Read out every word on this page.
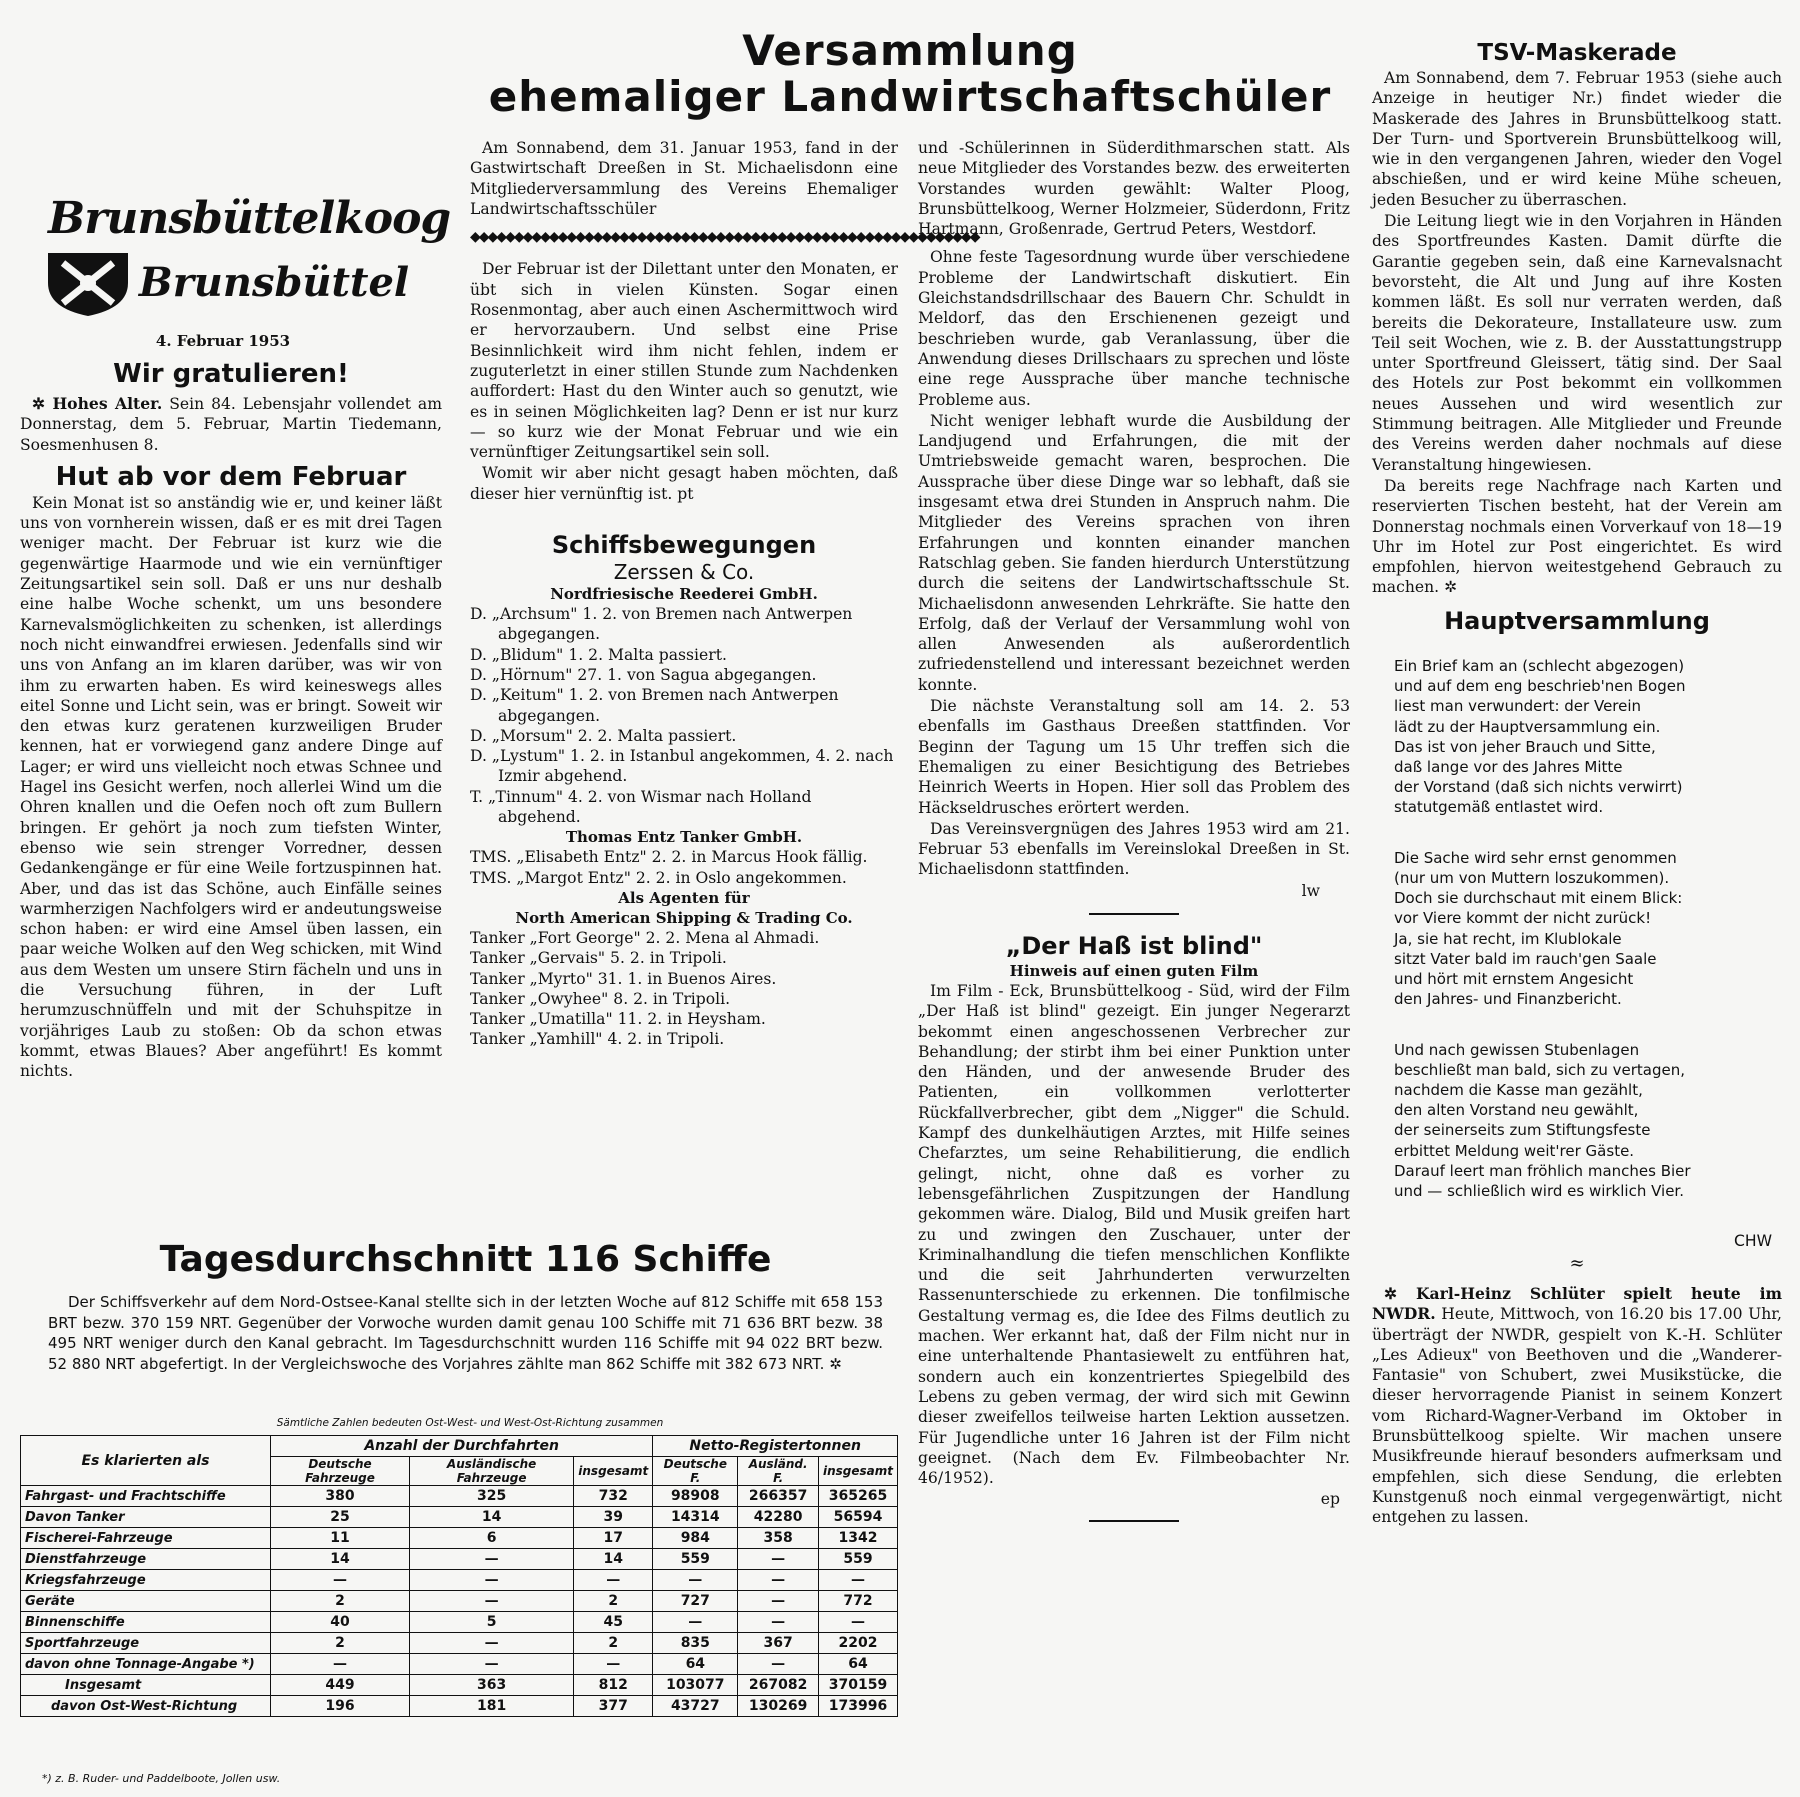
Versammlung
ehemaliger Landwirtschaftschüler
Brunsbüttelkoog
Brunsbüttel
4. Februar 1953
Wir gratulieren!

✲ Hohes Alter. Sein 84. Lebensjahr vollendet am Donnerstag, dem 5. Februar, Martin Tiedemann, Soesmenhusen 8.

Hut ab vor dem Februar

Kein Monat ist so anständig wie er, und keiner läßt uns von vornherein wissen, daß er es mit drei Tagen weniger macht. Der Februar ist kurz wie die gegenwärtige Haarmode und wie ein vernünftiger Zeitungsartikel sein soll. Daß er uns nur deshalb eine halbe Woche schenkt, um uns besondere Karnevalsmöglichkeiten zu schenken, ist allerdings noch nicht einwandfrei erwiesen. Jedenfalls sind wir uns von Anfang an im klaren darüber, was wir von ihm zu erwarten haben. Es wird keineswegs alles eitel Sonne und Licht sein, was er bringt. Soweit wir den etwas kurz geratenen kurzweiligen Bruder kennen, hat er vorwiegend ganz andere Dinge auf Lager; er wird uns vielleicht noch etwas Schnee und Hagel ins Gesicht werfen, noch allerlei Wind um die Ohren knallen und die Oefen noch oft zum Bullern bringen. Er gehört ja noch zum tiefsten Winter, ebenso wie sein strenger Vorredner, dessen Gedankengänge er für eine Weile fortzuspinnen hat. Aber, und das ist das Schöne, auch Einfälle seines warmherzigen Nachfolgers wird er andeutungsweise schon haben: er wird eine Amsel üben lassen, ein paar weiche Wolken auf den Weg schicken, mit Wind aus dem Westen um unsere Stirn fächeln und uns in die Versuchung führen, in der Luft herumzuschnüffeln und mit der Schuhspitze in vorjähriges Laub zu stoßen: Ob da schon etwas kommt, etwas Blaues? Aber angeführt! Es kommt nichts.

Am Sonnabend, dem 31. Januar 1953, fand in der Gastwirtschaft Dreeßen in St. Michaelisdonn eine Mitgliederversammlung des Vereins Ehemaliger Landwirtschaftsschüler

◆◆◆◆◆◆◆◆◆◆◆◆◆◆◆◆◆◆◆◆◆◆◆◆◆◆◆◆◆◆◆◆◆◆◆◆◆◆◆◆◆◆◆◆◆◆◆◆◆◆◆◆◆◆◆◆◆◆

Der Februar ist der Dilettant unter den Monaten, er übt sich in vielen Künsten. Sogar einen Rosenmontag, aber auch einen Aschermittwoch wird er hervorzaubern. Und selbst eine Prise Besinnlichkeit wird ihm nicht fehlen, indem er zuguterletzt in einer stillen Stunde zum Nachdenken auffordert: Hast du den Winter auch so genutzt, wie es in seinen Möglichkeiten lag? Denn er ist nur kurz — so kurz wie der Monat Februar und wie ein vernünftiger Zeitungsartikel sein soll.

Womit wir aber nicht gesagt haben möchten, daß dieser hier vernünftig ist. pt

Schiffsbewegungen
Zerssen & Co.
Nordfriesische Reederei GmbH.
D. „Archsum" 1. 2. von Bremen nach Antwerpen abgegangen.
D. „Blidum" 1. 2. Malta passiert.
D. „Hörnum" 27. 1. von Sagua abgegangen.
D. „Keitum" 1. 2. von Bremen nach Antwerpen abgegangen.
D. „Morsum" 2. 2. Malta passiert.
D. „Lystum" 1. 2. in Istanbul angekommen, 4. 2. nach Izmir abgehend.
T. „Tinnum" 4. 2. von Wismar nach Holland abgehend.
Thomas Entz Tanker GmbH.
TMS. „Elisabeth Entz" 2. 2. in Marcus Hook fällig.
TMS. „Margot Entz" 2. 2. in Oslo angekommen.
Als Agenten für
North American Shipping & Trading Co.
Tanker „Fort George" 2. 2. Mena al Ahmadi.
Tanker „Gervais" 5. 2. in Tripoli.
Tanker „Myrto" 31. 1. in Buenos Aires.
Tanker „Owyhee" 8. 2. in Tripoli.
Tanker „Umatilla" 11. 2. in Heysham.
Tanker „Yamhill" 4. 2. in Tripoli.

und -Schülerinnen in Süderdithmarschen statt. Als neue Mitglieder des Vorstandes bezw. des erweiterten Vorstandes wurden gewählt: Walter Ploog, Brunsbüttelkoog, Werner Holzmeier, Süderdonn, Fritz Hartmann, Großenrade, Gertrud Peters, Westdorf.

Ohne feste Tagesordnung wurde über verschiedene Probleme der Landwirtschaft diskutiert. Ein Gleichstandsdrillschaar des Bauern Chr. Schuldt in Meldorf, das den Erschienenen gezeigt und beschrieben wurde, gab Veranlassung, über die Anwendung dieses Drillschaars zu sprechen und löste eine rege Aussprache über manche technische Probleme aus.

Nicht weniger lebhaft wurde die Ausbildung der Landjugend und Erfahrungen, die mit der Umtriebsweide gemacht waren, besprochen. Die Aussprache über diese Dinge war so lebhaft, daß sie insgesamt etwa drei Stunden in Anspruch nahm. Die Mitglieder des Vereins sprachen von ihren Erfahrungen und konnten einander manchen Ratschlag geben. Sie fanden hierdurch Unterstützung durch die seitens der Landwirtschaftsschule St. Michaelisdonn anwesenden Lehrkräfte. Sie hatte den Erfolg, daß der Verlauf der Versammlung wohl von allen Anwesenden als außerordentlich zufriedenstellend und interessant bezeichnet werden konnte.

Die nächste Veranstaltung soll am 14. 2. 53 ebenfalls im Gasthaus Dreeßen stattfinden. Vor Beginn der Tagung um 15 Uhr treffen sich die Ehemaligen zu einer Besichtigung des Betriebes Heinrich Weerts in Hopen. Hier soll das Problem des Häckseldrusches erörtert werden.

Das Vereinsvergnügen des Jahres 1953 wird am 21. Februar 53 ebenfalls im Vereinslokal Dreeßen in St. Michaelisdonn stattfinden.

lw
„Der Haß ist blind"
Hinweis auf einen guten Film

Im Film - Eck, Brunsbüttelkoog - Süd, wird der Film „Der Haß ist blind" gezeigt. Ein junger Negerarzt bekommt einen angeschossenen Verbrecher zur Behandlung; der stirbt ihm bei einer Punktion unter den Händen, und der anwesende Bruder des Patienten, ein vollkommen verlotterter Rückfallverbrecher, gibt dem „Nigger" die Schuld. Kampf des dunkelhäutigen Arztes, mit Hilfe seines Chefarztes, um seine Rehabilitierung, die endlich gelingt, nicht, ohne daß es vorher zu lebensgefährlichen Zuspitzungen der Handlung gekommen wäre. Dialog, Bild und Musik greifen hart zu und zwingen den Zuschauer, unter der Kriminalhandlung die tiefen menschlichen Konflikte und die seit Jahrhunderten verwurzelten Rassenunterschiede zu erkennen. Die tonfilmische Gestaltung vermag es, die Idee des Films deutlich zu machen. Wer erkannt hat, daß der Film nicht nur in eine unterhaltende Phantasiewelt zu entführen hat, sondern auch ein konzentriertes Spiegelbild des Lebens zu geben vermag, der wird sich mit Gewinn dieser zweifellos teilweise harten Lektion aussetzen. Für Jugendliche unter 16 Jahren ist der Film nicht geeignet. (Nach dem Ev. Filmbeobachter Nr. 46/1952).

ep
TSV-Maskerade

Am Sonnabend, dem 7. Februar 1953 (siehe auch Anzeige in heutiger Nr.) findet wieder die Maskerade des Jahres in Brunsbüttelkoog statt. Der Turn- und Sportverein Brunsbüttelkoog will, wie in den vergangenen Jahren, wieder den Vogel abschießen, und er wird keine Mühe scheuen, jeden Besucher zu überraschen.

Die Leitung liegt wie in den Vorjahren in Händen des Sportfreundes Kasten. Damit dürfte die Garantie gegeben sein, daß eine Karnevalsnacht bevorsteht, die Alt und Jung auf ihre Kosten kommen läßt. Es soll nur verraten werden, daß bereits die Dekorateure, Installateure usw. zum Teil seit Wochen, wie z. B. der Ausstattungstrupp unter Sportfreund Gleissert, tätig sind. Der Saal des Hotels zur Post bekommt ein vollkommen neues Aussehen und wird wesentlich zur Stimmung beitragen. Alle Mitglieder und Freunde des Vereins werden daher nochmals auf diese Veranstaltung hingewiesen.

Da bereits rege Nachfrage nach Karten und reservierten Tischen besteht, hat der Verein am Donnerstag nochmals einen Vorverkauf von 18—19 Uhr im Hotel zur Post eingerichtet. Es wird empfohlen, hiervon weitestgehend Gebrauch zu machen. ✲

Hauptversammlung

Ein Brief kam an (schlecht abgezogen)
und auf dem eng beschrieb'nen Bogen
liest man verwundert: der Verein
lädt zu der Hauptversammlung ein.
Das ist von jeher Brauch und Sitte,
daß lange vor des Jahres Mitte
der Vorstand (daß sich nichts verwirrt)
statutgemäß entlastet wird.

Die Sache wird sehr ernst genommen
(nur um von Muttern loszukommen).
Doch sie durchschaut mit einem Blick:
vor Viere kommt der nicht zurück!
Ja, sie hat recht, im Klublokale
sitzt Vater bald im rauch'gen Saale
und hört mit ernstem Angesicht
den Jahres- und Finanzbericht.

Und nach gewissen Stubenlagen
beschließt man bald, sich zu vertagen,
nachdem die Kasse man gezählt,
den alten Vorstand neu gewählt,
der seinerseits zum Stiftungsfeste
erbittet Meldung weit'rer Gäste.
Darauf leert man fröhlich manches Bier
und — schließlich wird es wirklich Vier.

CHW
≈

✲ Karl-Heinz Schlüter spielt heute im NWDR. Heute, Mittwoch, von 16.20 bis 17.00 Uhr, überträgt der NWDR, gespielt von K.-H. Schlüter „Les Adieux" von Beethoven und die „Wanderer-Fantasie" von Schubert, zwei Musikstücke, die dieser hervorragende Pianist in seinem Konzert vom Richard-Wagner-Verband im Oktober in Brunsbüttelkoog spielte. Wir machen unsere Musikfreunde hierauf besonders aufmerksam und empfehlen, sich diese Sendung, die erlebten Kunstgenuß noch einmal vergegenwärtigt, nicht entgehen zu lassen.

Tagesdurchschnitt 116 Schiffe

Der Schiffsverkehr auf dem Nord-Ostsee-Kanal stellte sich in der letzten Woche auf 812 Schiffe mit 658 153 BRT bezw. 370 159 NRT. Gegenüber der Vorwoche wurden damit genau 100 Schiffe mit 71 636 BRT bezw. 38 495 NRT weniger durch den Kanal gebracht. Im Tagesdurchschnitt wurden 116 Schiffe mit 94 022 BRT bezw. 52 880 NRT abgefertigt. In der Vergleichswoche des Vorjahres zählte man 862 Schiffe mit 382 673 NRT. ✲

Sämtliche Zahlen bedeuten Ost-West- und West-Ost-Richtung zusammen
Es klarierten als	Anzahl der Durchfahrten			Netto-Registertonnen		
	Deutsche Fahrzeuge	Ausländische Fahrzeuge	insgesamt	Deutsche F.	Ausländ. F.	insgesamt
Fahrgast- und Frachtschiffe	380	325	732	98908	266357	365265
Davon Tanker	25	14	39	14314	42280	56594
Fischerei-Fahrzeuge	11	6	17	984	358	1342
Dienstfahrzeuge	14	—	14	559	—	559
Kriegsfahrzeuge	—	—	—	—	—	—
Geräte	2	—	2	727	—	772
Binnenschiffe	40	5	45	—	—	—
Sportfahrzeuge	2	—	2	835	367	2202
davon ohne Tonnage-Angabe *)	—	—	—	64	—	64
Insgesamt	449	363	812	103077	267082	370159
davon Ost-West-Richtung	196	181	377	43727	130269	173996
*) z. B. Ruder- und Paddelboote, Jollen usw.
